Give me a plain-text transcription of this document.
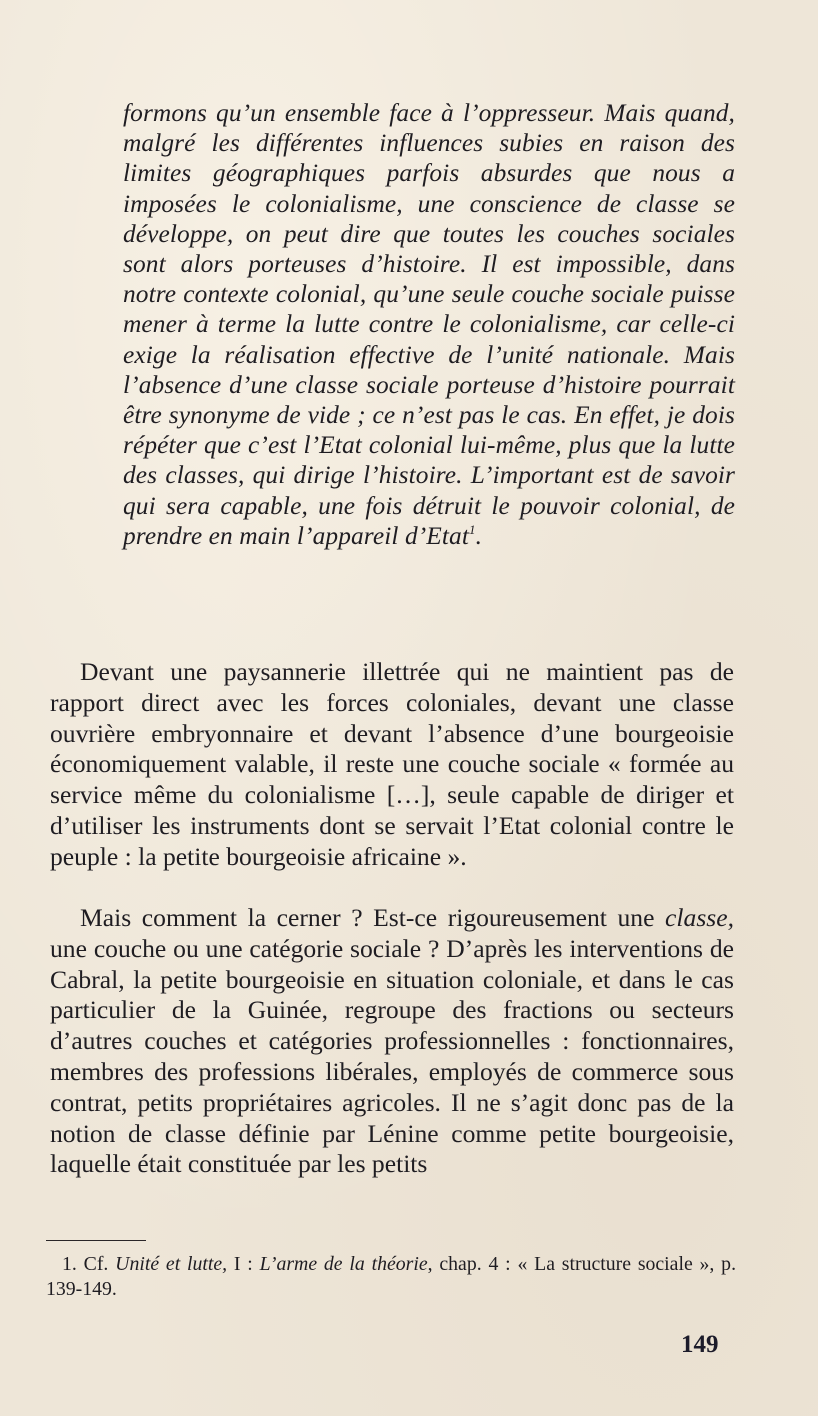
formons qu’un ensemble face à l’oppresseur. Mais quand, malgré les différentes influences subies en raison des limites géographiques parfois absurdes que nous a imposées le colonialisme, une conscience de classe se développe, on peut dire que toutes les couches sociales sont alors porteuses d’histoire. Il est impossible, dans notre contexte colonial, qu’une seule couche sociale puisse mener à terme la lutte contre le colonialisme, car celle-ci exige la réalisation effective de l’unité nationale. Mais l’absence d’une classe sociale porteuse d’histoire pourrait être synonyme de vide ; ce n’est pas le cas. En effet, je dois répéter que c’est l’Etat colonial lui-même, plus que la lutte des classes, qui dirige l’histoire. L’important est de savoir qui sera capable, une fois détruit le pouvoir colonial, de prendre en main l’appareil d’Etat$^1$.

Devant une paysannerie illettrée qui ne maintient pas de rapport direct avec les forces coloniales, devant une classe ouvrière embryonnaire et devant l’absence d’une bourgeoisie économiquement valable, il reste une couche sociale « formée au service même du colonialisme […], seule capable de diriger et d’utiliser les instruments dont se servait l’Etat colonial contre le peuple : la petite bourgeoisie africaine ».

Mais comment la cerner ? Est-ce rigoureusement une classe, une couche ou une catégorie sociale ? D’après les interventions de Cabral, la petite bourgeoisie en situation coloniale, et dans le cas particulier de la Guinée, regroupe des fractions ou secteurs d’autres couches et catégories professionnelles : fonctionnaires, membres des professions libérales, employés de commerce sous contrat, petits propriétaires agricoles. Il ne s’agit donc pas de la notion de classe définie par Lénine comme petite bourgeoisie, laquelle était constituée par les petits

1. Cf. Unité et lutte, I : L’arme de la théorie, chap. 4 : « La structure sociale », p. 139-149.

149
